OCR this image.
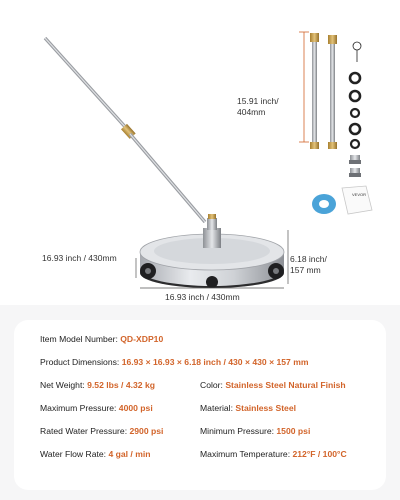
VEVOR
15.91 inch/
404mm
16.93 inch / 430mm	6.18 inch/
157 mm
16.93 inch / 430mm
Item Model Number: QD-XDP10
Product Dimensions: 16.93 × 16.93 × 6.18 inch / 430 × 430 × 157 mm
Net Weight: 9.52 lbs / 4.32 kg	Color: Stainless Steel Natural Finish
Maximum Pressure: 4000 psi	Material: Stainless Steel
Rated Water Pressure: 2900 psi	Minimum Pressure: 1500 psi
Water Flow Rate: 4 gal / min	Maximum Temperature: 212°F / 100°C
